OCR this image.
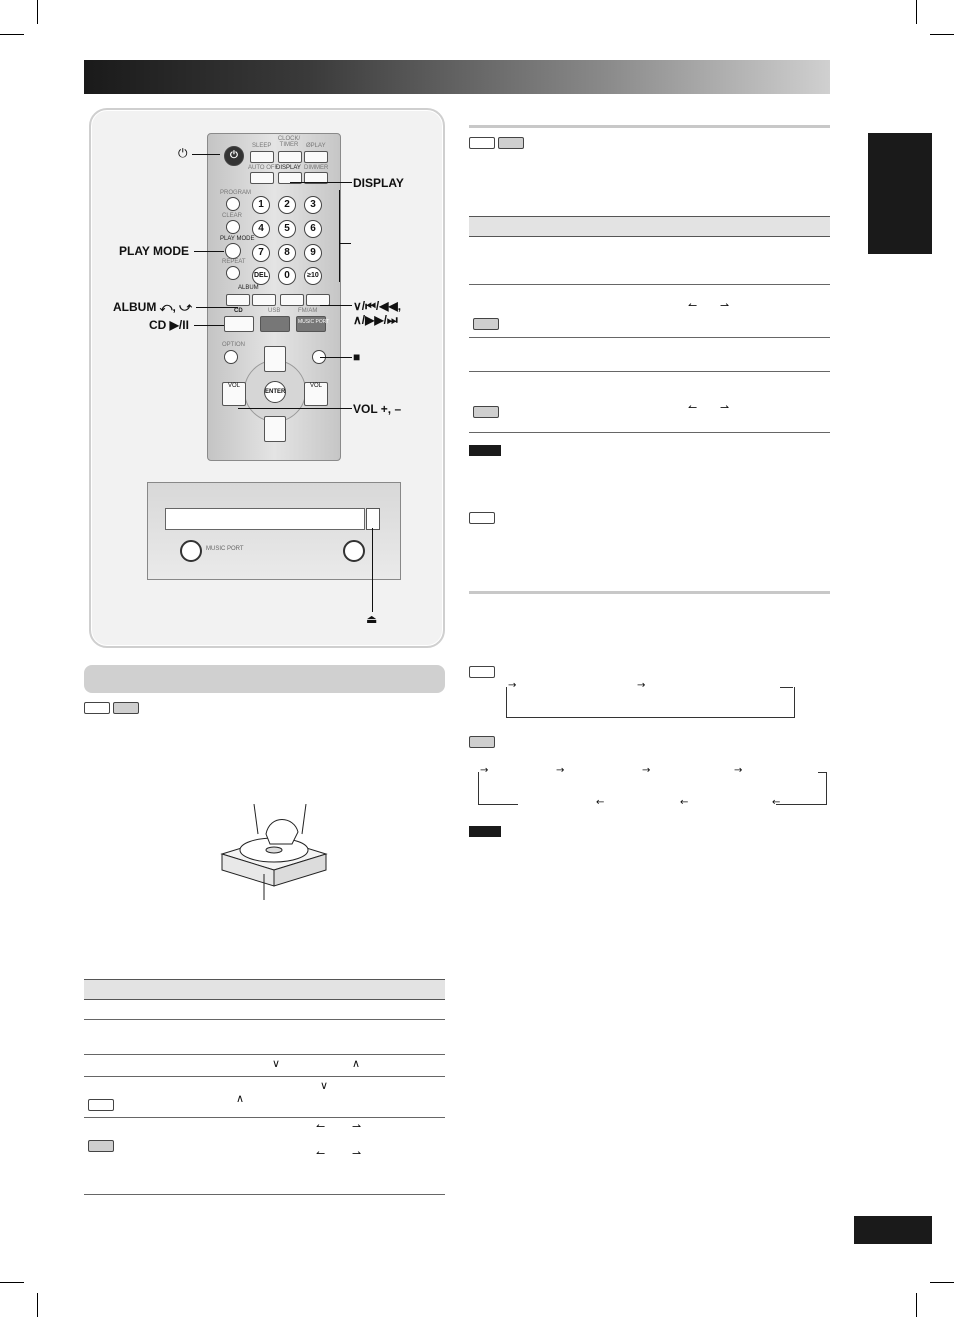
⏻
SLEEP
CLOCK/ TIMER	ØPLAY
AUTO OFF
DISPLAY DIMMER
PROGRAM
CLEAR
PLAY MODE
REPEAT
1	2	3
4	5	6
7	8	9
DEL	0	≥10
ALBUM
CD	USB	FM/AM
MUSIC PORT
OPTION
ENTER
VOL	VOL
⏻
DISPLAY
PLAY MODE
ALBUM ⤺, ⤻	∨/⏮/◀◀,
∧/▶▶/⏭
CD ▶/II
■
VOL +, –
MUSIC PORT
⏏
∨	∧
∨
∧
↼ ⇀
↼ ⇀
↼ ⇀
↼ ⇀
→	→
→	→	→	→
←	←	←
